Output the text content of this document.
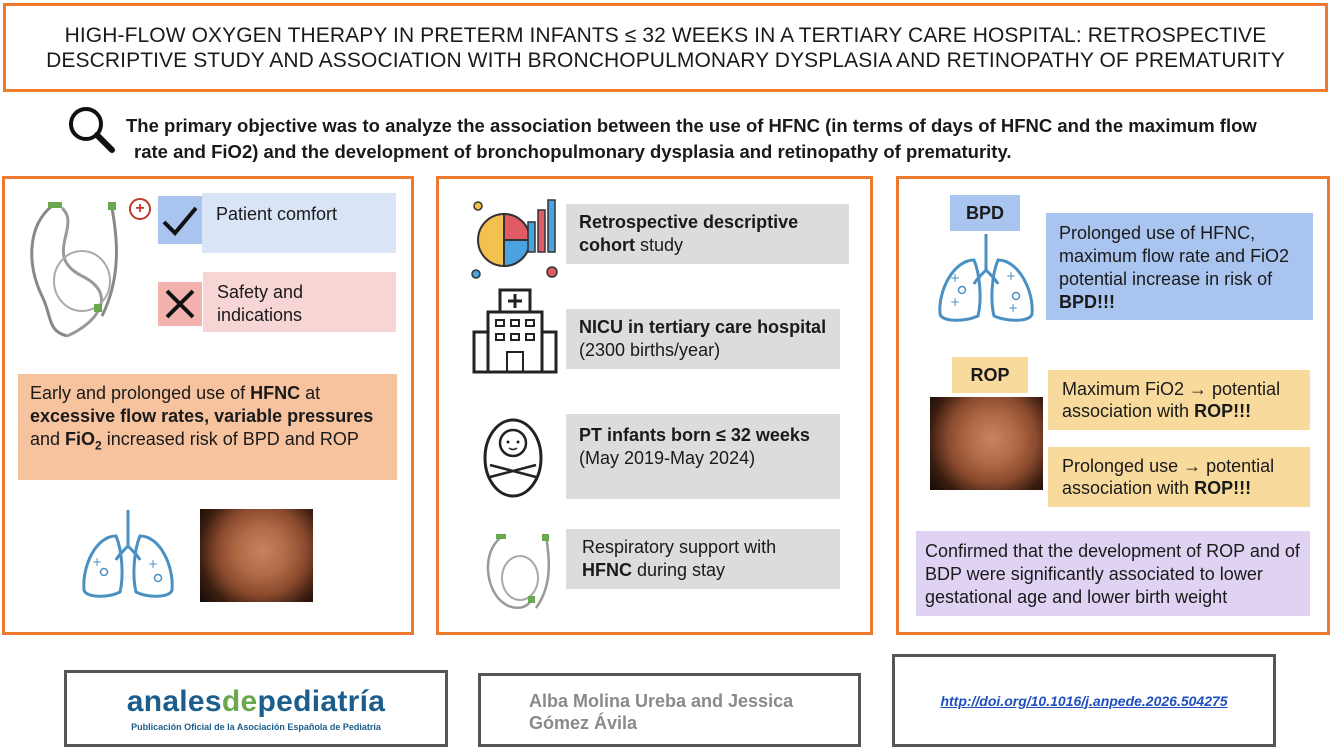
HIGH-FLOW OXYGEN THERAPY IN PRETERM INFANTS ≤ 32 WEEKS IN A TERTIARY CARE HOSPITAL: RETROSPECTIVE
DESCRIPTIVE STUDY AND ASSOCIATION WITH BRONCHOPULMONARY DYSPLASIA AND RETINOPATHY OF PREMATURITY
The primary objective was to analyze the association between the use of HFNC (in terms of days of HFNC and the maximum flow
rate and FiO2) and the development of bronchopulmonary dysplasia and retinopathy of prematurity.
+	Patient comfort
Safety and
indications
Early and prolonged use of HFNC at
excessive flow rates, variable pressures and FiO$_2$ increased risk of BPD and ROP
+	+
Retrospective descriptive cohort study
NICU in tertiary care hospital (2300 births/year)
PT infants born ≤ 32 weeks (May 2019-May 2024)
Respiratory support with HFNC during stay
BPD
+
+
+
+
Prolonged use of HFNC, maximum flow rate and FiO2 potential increase in risk of BPD!!!
ROP
Maximum FiO2 → potential association with ROP!!!
Prolonged use → potential association with ROP!!!
Confirmed that the development of ROP and of BDP were significantly associated to lower gestational age and lower birth weight
analesdepediatría
Publicación Oficial de la Asociación Española de Pediatría
Alba Molina Ureba and Jessica
Gómez Ávila
http://doi.org/10.1016/j.anpede.2026.504275
